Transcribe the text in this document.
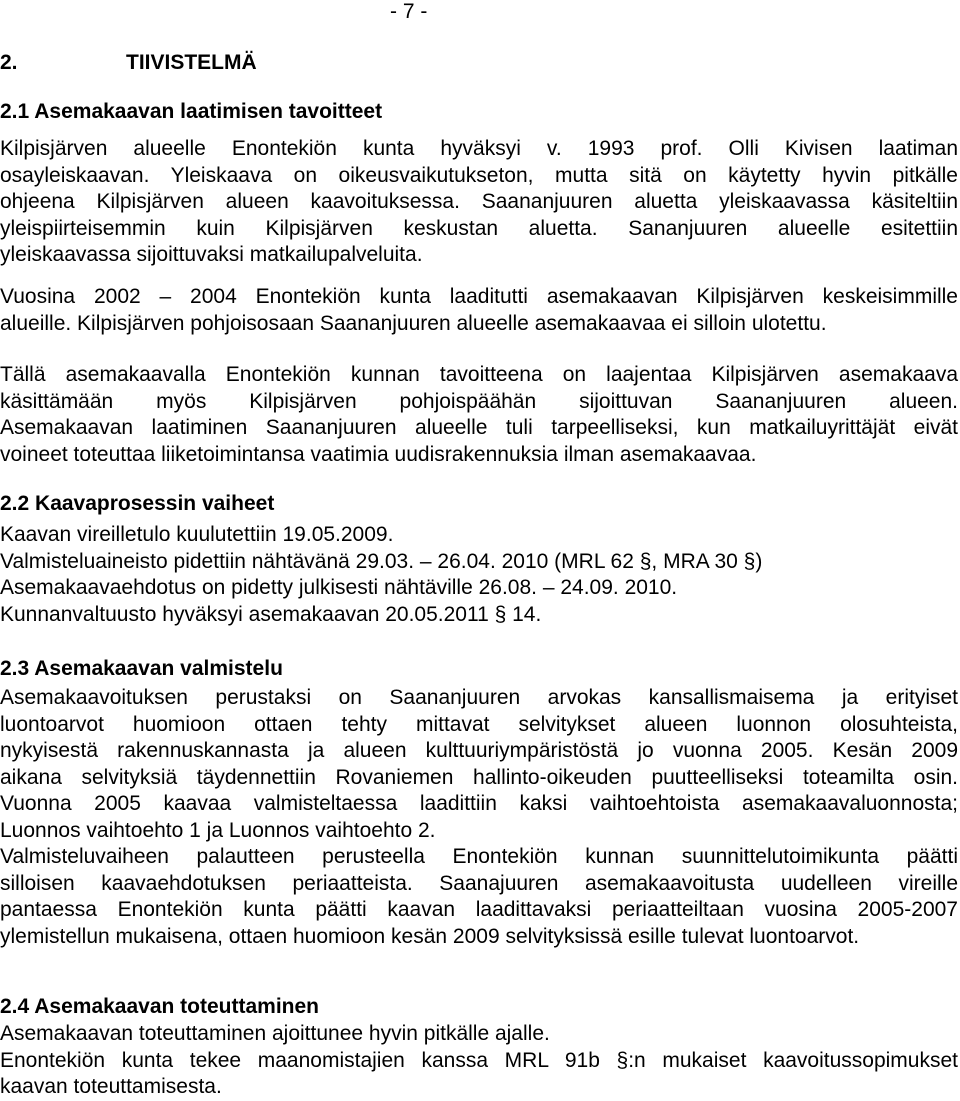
- 7 -
2.	TIIVISTELMÄ
2.1 Asemakaavan laatimisen tavoitteet
Kilpisjärven alueelle Enontekiön kunta hyväksyi v. 1993 prof. Olli Kivisen laatiman
osayleiskaavan. Yleiskaava on oikeusvaikutukseton, mutta sitä on käytetty hyvin pitkälle
ohjeena Kilpisjärven alueen kaavoituksessa. Saananjuuren aluetta yleiskaavassa käsiteltiin
yleispiirteisemmin kuin Kilpisjärven keskustan aluetta. Sananjuuren alueelle esitettiin
yleiskaavassa sijoittuvaksi matkailupalveluita.
Vuosina 2002 – 2004 Enontekiön kunta laaditutti asemakaavan Kilpisjärven keskeisimmille
alueille. Kilpisjärven pohjoisosaan Saananjuuren alueelle asemakaavaa ei silloin ulotettu.
Tällä asemakaavalla Enontekiön kunnan tavoitteena on laajentaa Kilpisjärven asemakaava
käsittämään myös Kilpisjärven pohjoispäähän sijoittuvan Saananjuuren alueen.
Asemakaavan laatiminen Saananjuuren alueelle tuli tarpeelliseksi, kun matkailuyrittäjät eivät
voineet toteuttaa liiketoimintansa vaatimia uudisrakennuksia ilman asemakaavaa.
2.2 Kaavaprosessin vaiheet
Kaavan vireilletulo kuulutettiin 19.05.2009.
Valmisteluaineisto pidettiin nähtävänä 29.03. – 26.04. 2010 (MRL 62 §, MRA 30 §)
Asemakaavaehdotus on pidetty julkisesti nähtäville 26.08. – 24.09. 2010.
Kunnanvaltuusto hyväksyi asemakaavan 20.05.2011 § 14.
2.3 Asemakaavan valmistelu
Asemakaavoituksen perustaksi on Saananjuuren arvokas kansallismaisema ja erityiset
luontoarvot huomioon ottaen tehty mittavat selvitykset alueen luonnon olosuhteista,
nykyisestä rakennuskannasta ja alueen kulttuuriympäristöstä jo vuonna 2005. Kesän 2009
aikana selvityksiä täydennettiin Rovaniemen hallinto-oikeuden puutteelliseksi toteamilta osin.
Vuonna 2005 kaavaa valmisteltaessa laadittiin kaksi vaihtoehtoista asemakaavaluonnosta;
Luonnos vaihtoehto 1 ja Luonnos vaihtoehto 2.
Valmisteluvaiheen palautteen perusteella Enontekiön kunnan suunnittelutoimikunta päätti
silloisen kaavaehdotuksen periaatteista. Saanajuuren asemakaavoitusta uudelleen vireille
pantaessa Enontekiön kunta päätti kaavan laadittavaksi periaatteiltaan vuosina 2005-2007
ylemistellun mukaisena, ottaen huomioon kesän 2009 selvityksissä esille tulevat luontoarvot.
2.4 Asemakaavan toteuttaminen
Asemakaavan toteuttaminen ajoittunee hyvin pitkälle ajalle.
Enontekiön kunta tekee maanomistajien kanssa MRL 91b §:n mukaiset kaavoitussopimukset
kaavan toteuttamisesta.
